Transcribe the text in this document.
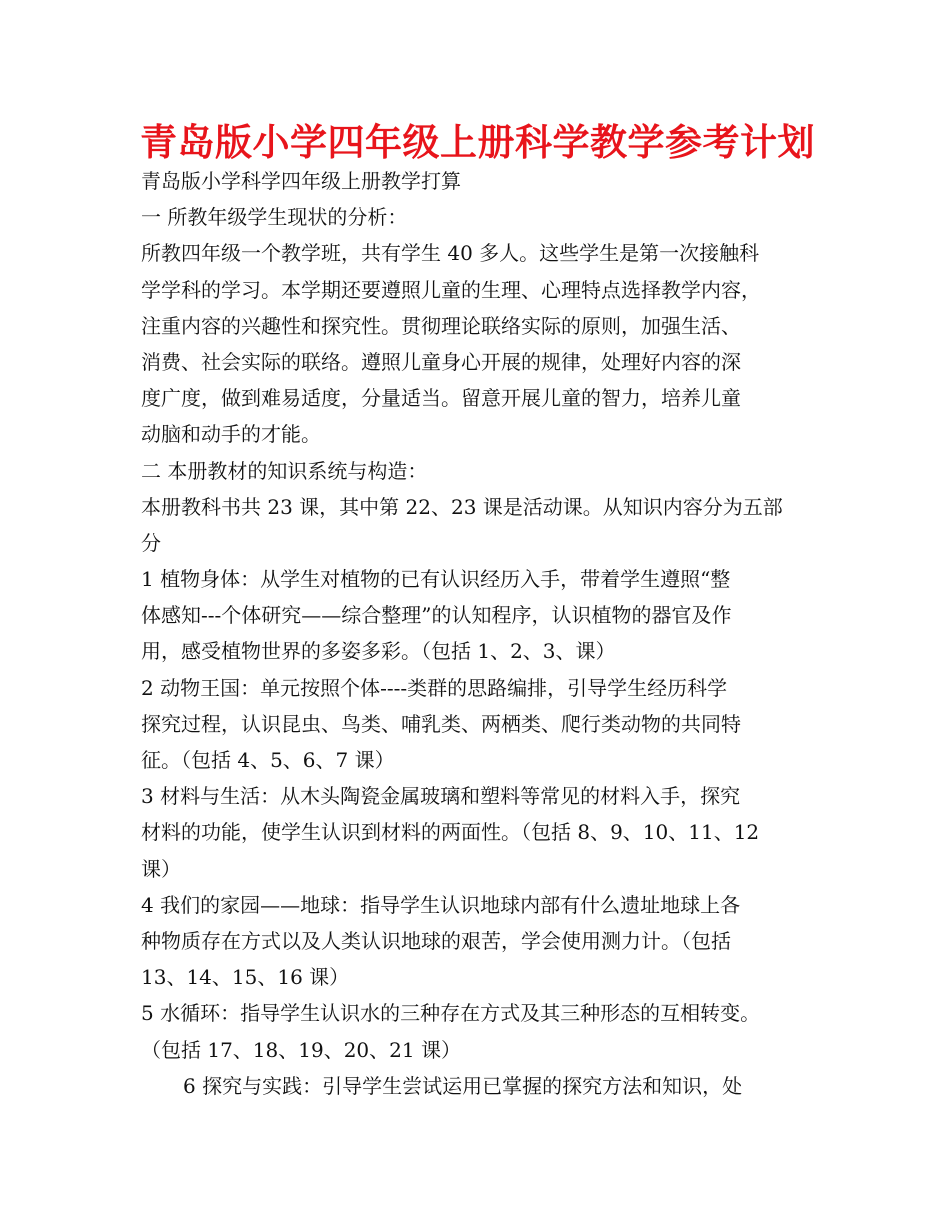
青岛版小学四年级上册科学教学参考计划
青岛版小学科学四年级上册教学打算
一 所教年级学生现状的分析：
所教四年级一个教学班，共有学生 40 多人。这些学生是第一次接触科
学学科的学习。本学期还要遵照儿童的生理、心理特点选择教学内容，
注重内容的兴趣性和探究性。贯彻理论联络实际的原则，加强生活、
消费、社会实际的联络。遵照儿童身心开展的规律，处理好内容的深
度广度，做到难易适度，分量适当。留意开展儿童的智力，培养儿童
动脑和动手的才能。
二 本册教材的知识系统与构造：
本册教科书共 23 课，其中第 22、23 课是活动课。从知识内容分为五部
分
1 植物身体：从学生对植物的已有认识经历入手，带着学生遵照“整
体感知---个体研究——综合整理”的认知程序，认识植物的器官及作
用，感受植物世界的多姿多彩。（包括 1、2、3、课）
2 动物王国：单元按照个体----类群的思路编排，引导学生经历科学
探究过程，认识昆虫、鸟类、哺乳类、两栖类、爬行类动物的共同特
征。（包括 4、5、6、7 课）
3 材料与生活：从木头陶瓷金属玻璃和塑料等常见的材料入手，探究
材料的功能，使学生认识到材料的两面性。（包括 8、9、10、11、12
课）
4 我们的家园——地球：指导学生认识地球内部有什么遗址地球上各
种物质存在方式以及人类认识地球的艰苦，学会使用测力计。（包括
13、14、15、16 课）
5 水循环：指导学生认识水的三种存在方式及其三种形态的互相转变。
（包括 17、18、19、20、21 课）
6 探究与实践：引导学生尝试运用已掌握的探究方法和知识，处
